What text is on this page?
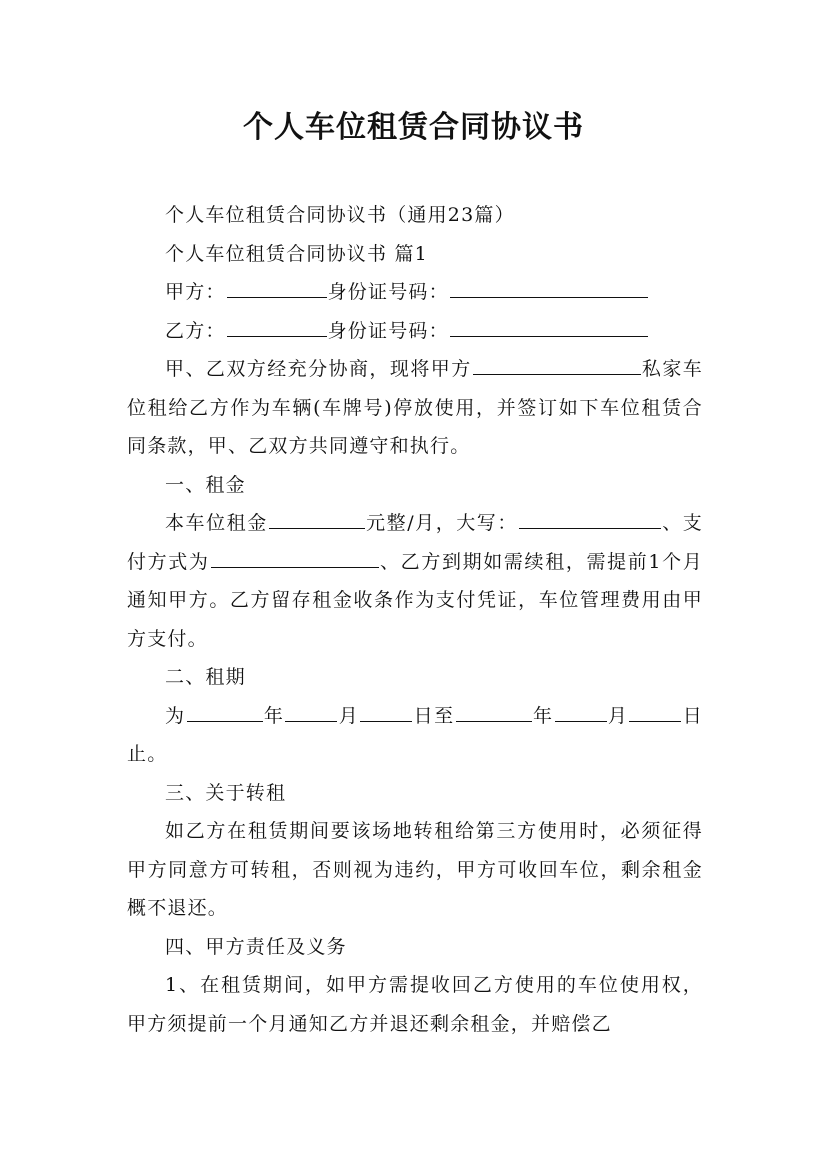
个人车位租赁合同协议书

个人车位租赁合同协议书（通用23篇）

个人车位租赁合同协议书 篇1

甲方：	身份证号码：

乙方：	身份证号码：

甲、乙双方经充分协商，现将甲方	私家车位租给乙方作为车辆(车牌号)停放使用，并签订如下车位租赁合同条款，甲、乙双方共同遵守和执行。

一、租金

本车位租金	元整/月，大写：	、支付方式为	、乙方到期如需续租，需提前1个月通知甲方。乙方留存租金收条作为支付凭证，车位管理费用由甲方支付。

二、租期

为	年	月	日至	年	月	日止。

三、关于转租

如乙方在租赁期间要该场地转租给第三方使用时，必须征得甲方同意方可转租，否则视为违约，甲方可收回车位，剩余租金概不退还。

四、甲方责任及义务

1、在租赁期间，如甲方需提收回乙方使用的车位使用权，甲方须提前一个月通知乙方并退还剩余租金，并赔偿乙
